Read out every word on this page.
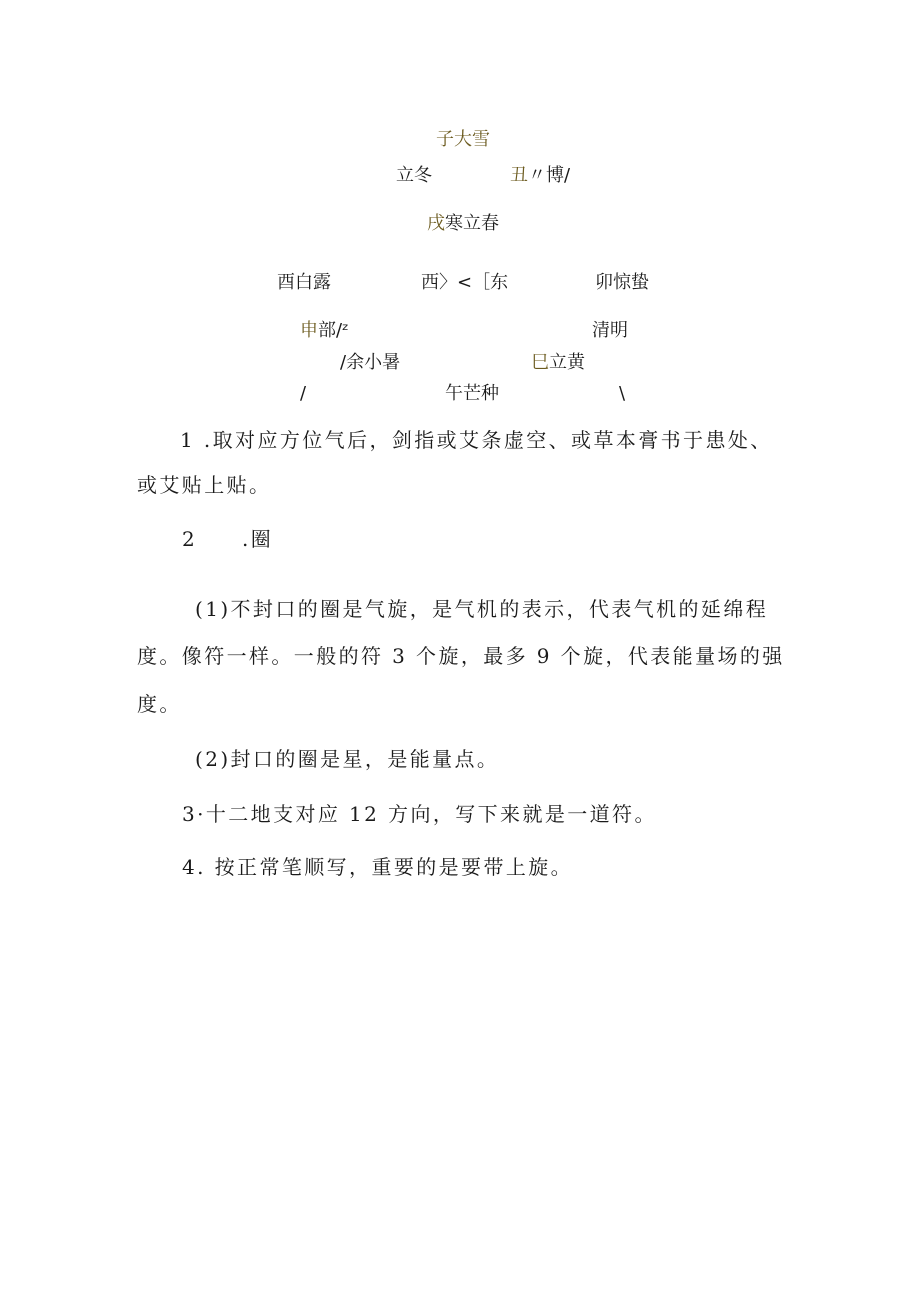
子大雪
立冬	丑〃博/
戌寒立春
酉白露	西〉<［东	卯惊蛰
申部/ᶻ	清明
/余小暑	巳立黄
/	午芒种	\
1 .取对应方位气后，剑指或艾条虚空、或草本膏书于患处、
或艾贴上贴。
2 .圈
(1)不封口的圈是气旋，是气机的表示，代表气机的延绵程
度。像符一样。一般的符 3 个旋，最多 9 个旋，代表能量场的强
度。
(2)封口的圈是星，是能量点。
3·十二地支对应 12 方向，写下来就是一道符。
4. 按正常笔顺写，重要的是要带上旋。
